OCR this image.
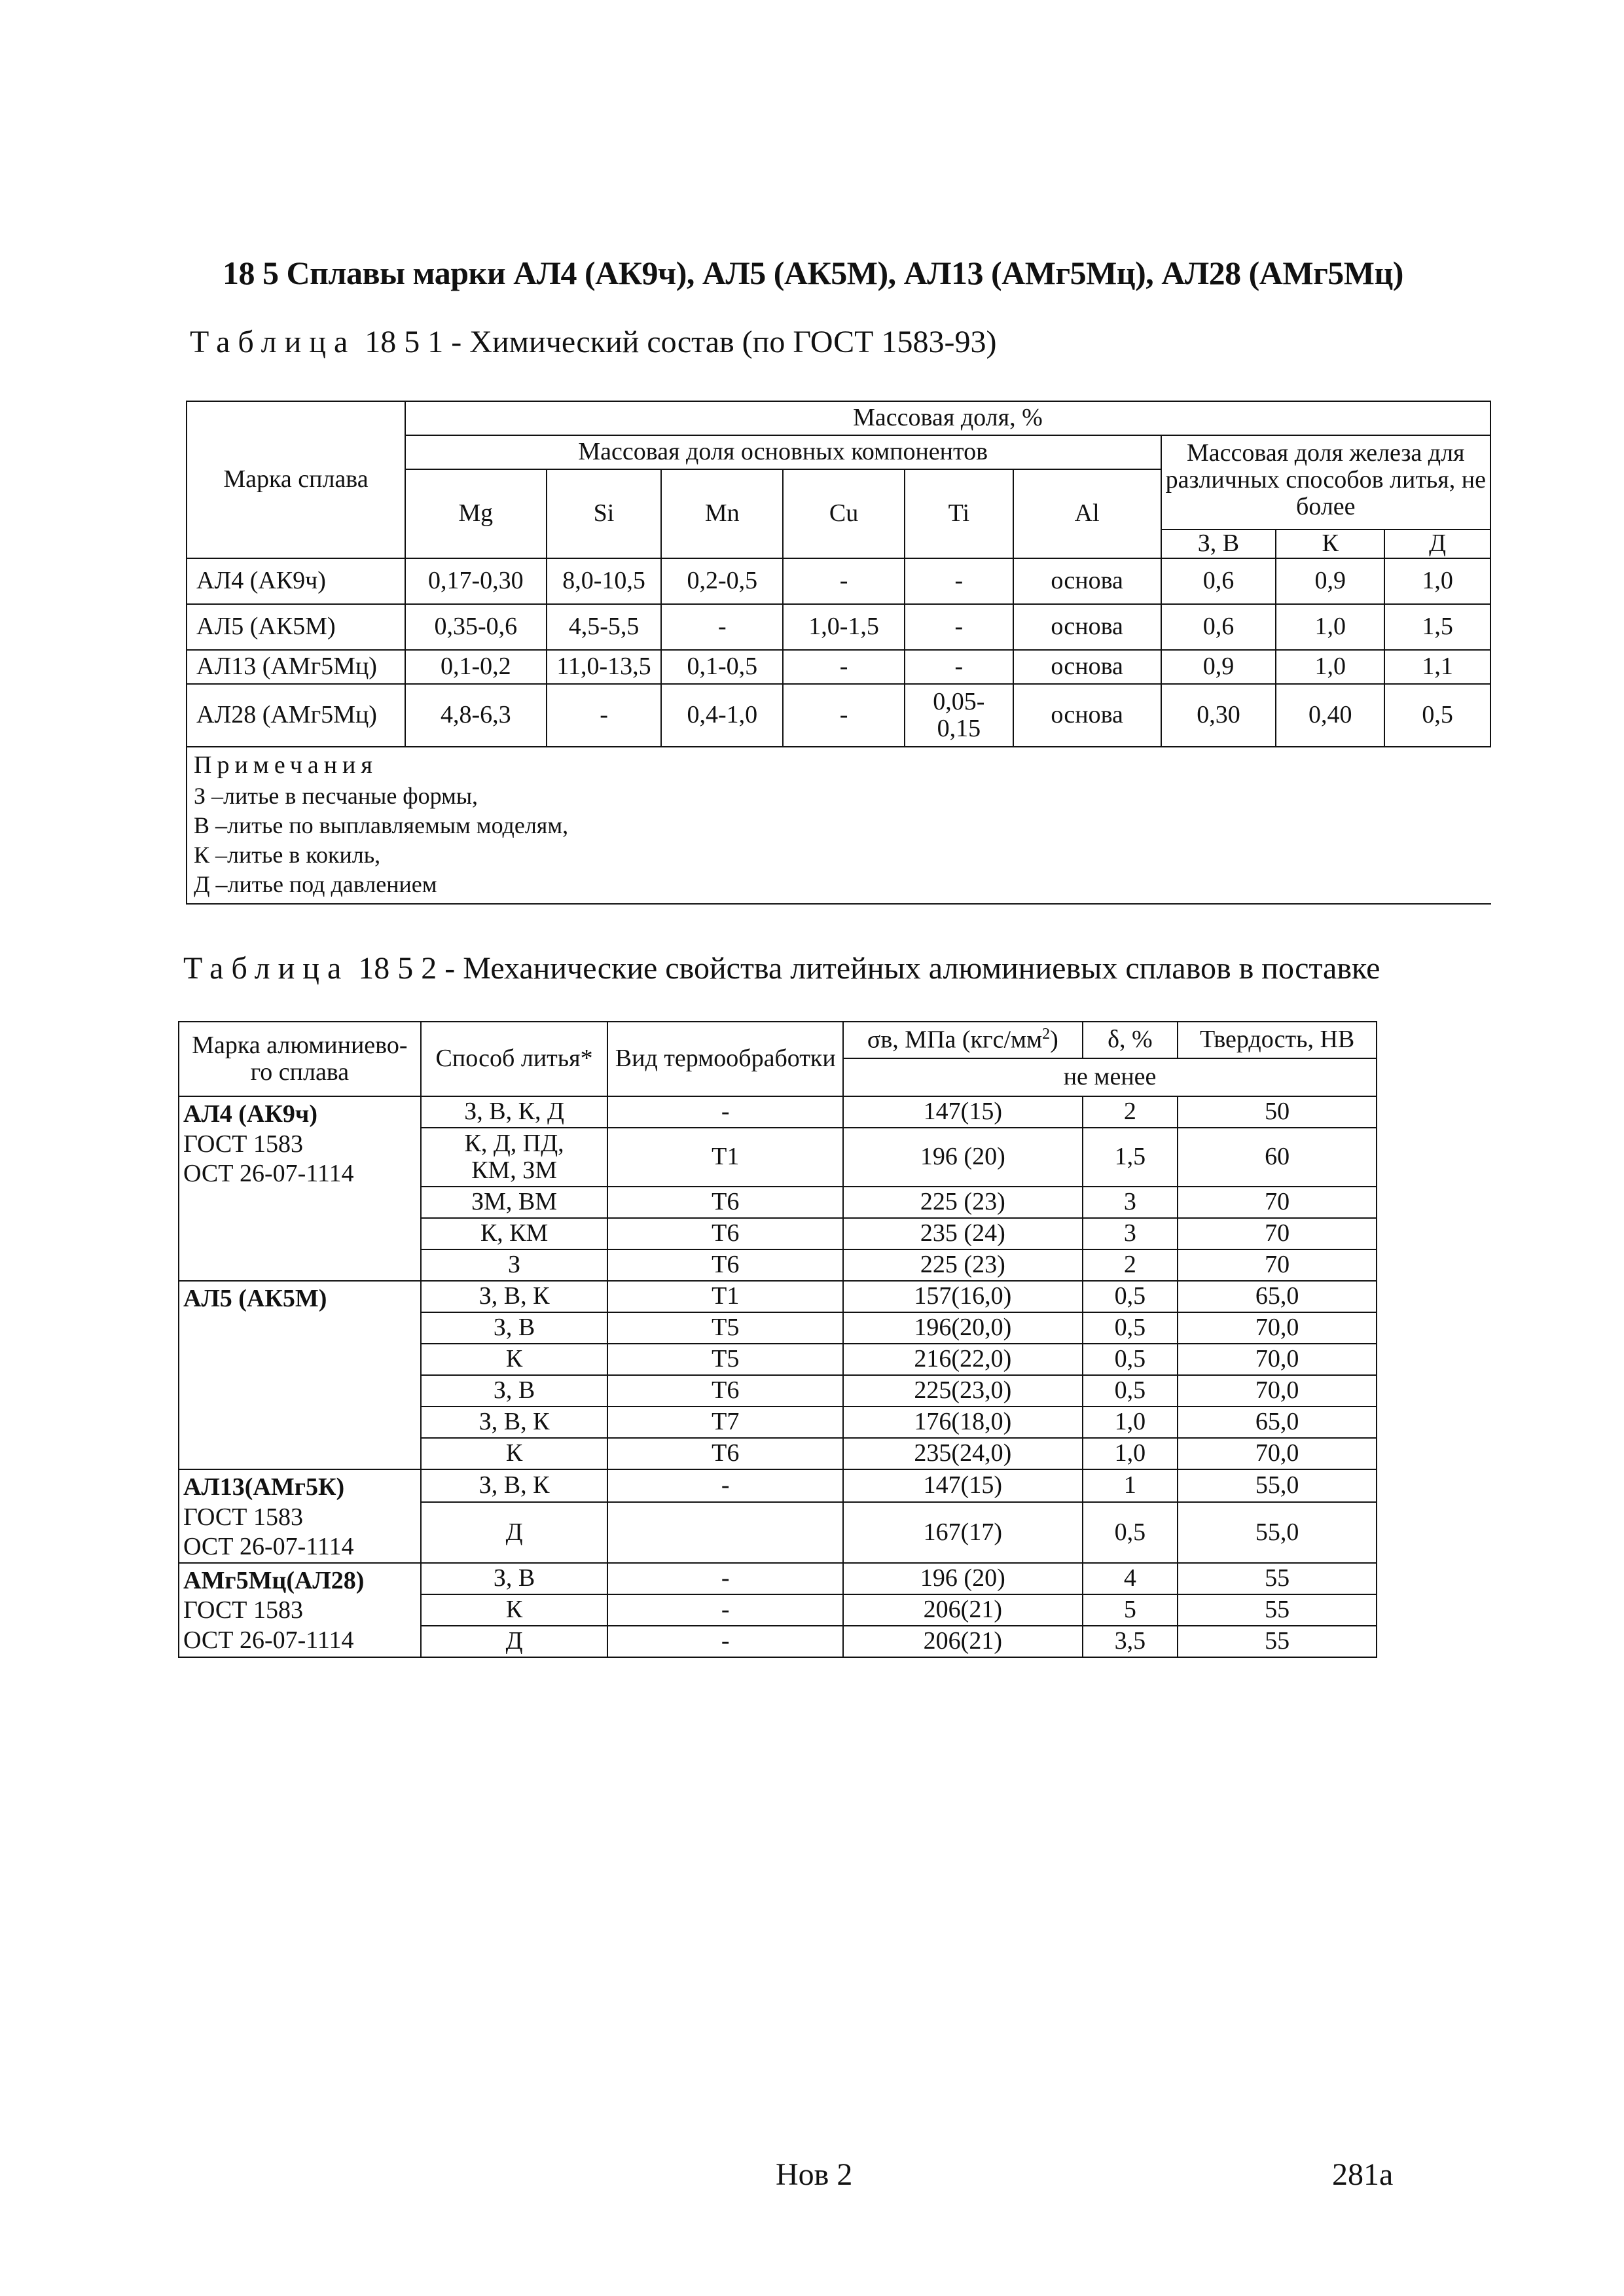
18 5 Сплавы марки АЛ4 (АК9ч), АЛ5 (АК5М), АЛ13 (АМг5Мц), АЛ28 (АМг5Мц)
Таблица 18 5 1 - Химический состав (по ГОСТ 1583-93)
Марка сплава	Массовая доля, %								
	Массовая доля основных компонентов						Массовая доля железа для различных способов литья, не более		
	Mg	Si	Mn	Cu	Ti	Al			
							З, В	К	Д
АЛ4 (АК9ч)	0,17-0,30	8,0-10,5	0,2-0,5	-	-	основа	0,6	0,9	1,0
АЛ5 (АК5М)	0,35-0,6	4,5-5,5	-	1,0-1,5	-	основа	0,6	1,0	1,5
АЛ13 (АМг5Мц)	0,1-0,2	11,0-13,5	0,1-0,5	-	-	основа	0,9	1,0	1,1
АЛ28 (АМг5Мц)	4,8-6,3	-	0,4-1,0	-	0,05-0,15	основа	0,30	0,40	0,5

Примечания
З –литье в песчаные формы,
В –литье по выплавляемым моделям,
К –литье в кокиль,
Д –литье под давлением									
Таблица 18 5 2 - Механические свойства литейных алюминиевых сплавов в поставке
Марка алюминиево-го сплава	Способ литья*	Вид термообработки	σв, МПа $(кгс/мм^2)$	δ, %	Твердость, НВ
			не менее		

АЛ4 (АК9ч)
ГОСТ 1583
ОСТ 26-07-1114	З, В, К, Д	-	147(15)	2	50
	К, Д, ПД, КМ, ЗМ	Т1	196 (20)	1,5	60
	ЗМ, ВМ	Т6	225 (23)	3	70
	К, КМ	Т6	235 (24)	3	70
	З	Т6	225 (23)	2	70

АЛ5 (АК5М)	З, В, К	Т1	157(16,0)	0,5	65,0
	З, В	Т5	196(20,0)	0,5	70,0
	К	Т5	216(22,0)	0,5	70,0
	З, В	Т6	225(23,0)	0,5	70,0
	З, В, К	Т7	176(18,0)	1,0	65,0
	К	Т6	235(24,0)	1,0	70,0

АЛ13(АМг5К)
ГОСТ 1583
ОСТ 26-07-1114	З, В, К	-	147(15)	1	55,0
	Д		167(17)	0,5	55,0

АМг5Мц(АЛ28)
ГОСТ 1583
ОСТ 26-07-1114	З, В	-	196 (20)	4	55
	К	-	206(21)	5	55
	Д	-	206(21)	3,5	55
Нов 2	281а
